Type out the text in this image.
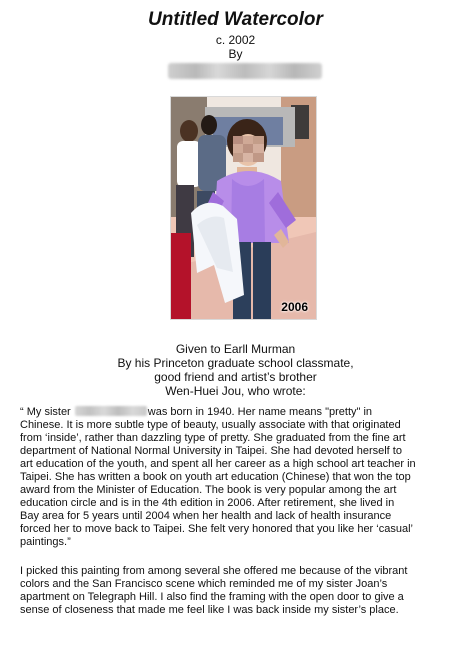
Untitled Watercolor
c. 2002
By
2006
Given to Earll Murman
By his Princeton graduate school classmate,
good friend and artist’s brother
Wen-Huei Jou, who wrote:
“ My sister	was born in 1940. Her name means "pretty" in
Chinese. It is more subtle type of beauty, usually associate with that originated
from ‘inside’, rather than dazzling type of pretty. She graduated from the fine art
department of National Normal University in Taipei. She had devoted herself to
art education of the youth, and spent all her career as a high school art teacher in
Taipei. She has written a book on youth art education (Chinese) that won the top
award from the Minister of Education. The book is very popular among the art
education circle and is in the 4th edition in 2006. After retirement, she lived in
Bay area for 5 years until 2004 when her health and lack of health insurance
forced her to move back to Taipei. She felt very honored that you like her ‘casual’
paintings.”
I picked this painting from among several she offered me because of the vibrant
colors and the San Francisco scene which reminded me of my sister Joan’s
apartment on Telegraph Hill. I also find the framing with the open door to give a
sense of closeness that made me feel like I was back inside my sister’s place.
